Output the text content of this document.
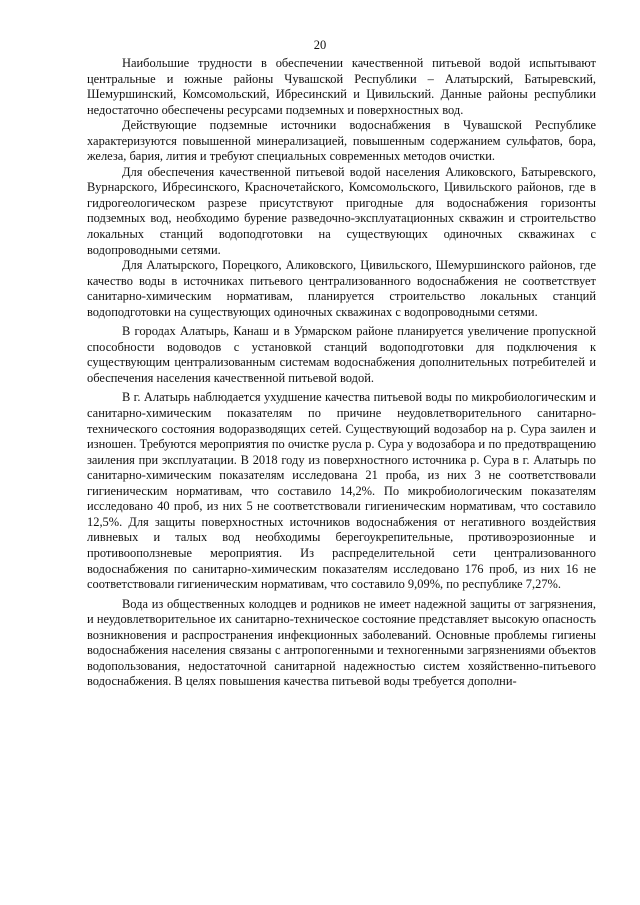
20

Наибольшие трудности в обеспечении качественной питьевой водой испытывают центральные и южные районы Чувашской Республики – Алатырский, Батыревский, Шемуршинский, Комсомольский, Ибресинский и Цивильский. Данные районы республики недостаточно обеспечены ресурсами подземных и поверхностных вод.

Действующие подземные источники водоснабжения в Чувашской Республике характеризуются повышенной минерализацией, повышенным содержанием сульфатов, бора, железа, бария, лития и требуют специальных современных методов очистки.

Для обеспечения качественной питьевой водой населения Аликовского, Батыревского, Вурнарского, Ибресинского, Красночетайского, Комсомольского, Цивильского районов, где в гидрогеологическом разрезе присутствуют пригодные для водоснабжения горизонты подземных вод, необходимо бурение разведочно-эксплуатационных скважин и строительство локальных станций водоподготовки на существующих одиночных скважинах с водопроводными сетями.

Для Алатырского, Порецкого, Аликовского, Цивильского, Шемуршинского районов, где качество воды в источниках питьевого централизованного водоснабжения не соответствует санитарно-химическим нормативам, планируется строительство локальных станций водоподготовки на существующих одиночных скважинах с водопроводными сетями.

В городах Алатырь, Канаш и в Урмарском районе планируется увеличение пропускной способности водоводов с установкой станций водоподготовки для подключения к существующим централизованным системам водоснабжения дополнительных потребителей и обеспечения населения качественной питьевой водой.

В г. Алатырь наблюдается ухудшение качества питьевой воды по микробиологическим и санитарно-химическим показателям по причине неудовлетворительного санитарно-технического состояния водоразводящих сетей. Существующий водозабор на р. Сура заилен и изношен. Требуются мероприятия по очистке русла р. Сура у водозабора и по предотвращению заиления при эксплуатации. В 2018 году из поверхностного источника р. Сура в г. Алатырь по санитарно-химическим показателям исследована 21 проба, из них 3 не соответствовали гигиеническим нормативам, что составило 14,2%. По микробиологическим показателям исследовано 40 проб, из них 5 не соответствовали гигиеническим нормативам, что составило 12,5%. Для защиты поверхностных источников водоснабжения от негативного воздействия ливневых и талых вод необходимы берегоукрепительные, противоэрозионные и противооползневые мероприятия. Из распределительной сети централизованного водоснабжения по санитарно-химическим показателям исследовано 176 проб, из них 16 не соответствовали гигиеническим нормативам, что составило 9,09%, по республике 7,27%.

Вода из общественных колодцев и родников не имеет надежной защиты от загрязнения, и неудовлетворительное их санитарно-техническое состояние представляет высокую опасность возникновения и распространения инфекционных заболеваний. Основные проблемы гигиены водоснабжения населения связаны с антропогенными и техногенными загрязнениями объектов водопользования, недостаточной санитарной надежностью систем хозяйственно-питьевого водоснабжения. В целях повышения качества питьевой воды требуется дополни-
